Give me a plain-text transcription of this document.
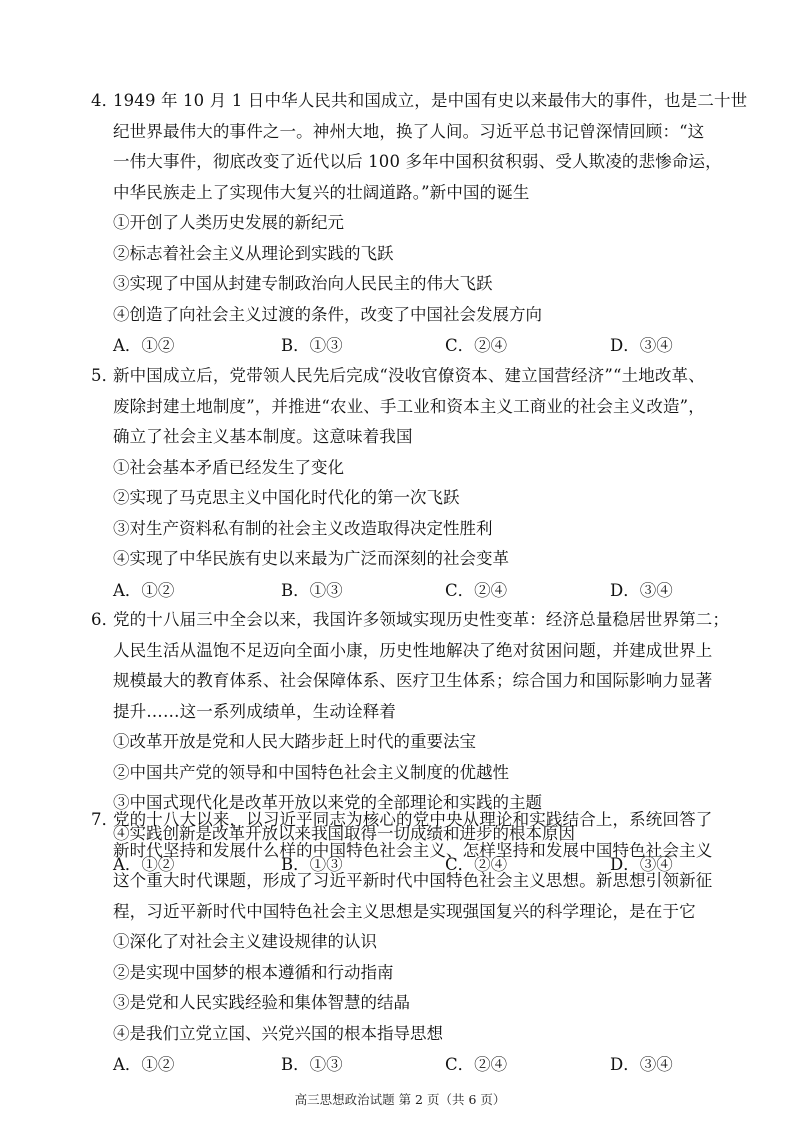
4．1949 年 10 月 1 日中华人民共和国成立，是中国有史以来最伟大的事件，也是二十世
纪世界最伟大的事件之一。神州大地，换了人间。习近平总书记曾深情回顾：“这
一伟大事件，彻底改变了近代以后 100 多年中国积贫积弱、受人欺凌的悲惨命运，
中华民族走上了实现伟大复兴的壮阔道路。”新中国的诞生
①开创了人类历史发展的新纪元
②标志着社会主义从理论到实践的飞跃
③实现了中国从封建专制政治向人民民主的伟大飞跃
④创造了向社会主义过渡的条件，改变了中国社会发展方向
A．①②	B．①③	C．②④	D．③④
5．新中国成立后，党带领人民先后完成“没收官僚资本、建立国营经济”“土地改革、
废除封建土地制度”，并推进“农业、手工业和资本主义工商业的社会主义改造”，
确立了社会主义基本制度。这意味着我国
①社会基本矛盾已经发生了变化
②实现了马克思主义中国化时代化的第一次飞跃
③对生产资料私有制的社会主义改造取得决定性胜利
④实现了中华民族有史以来最为广泛而深刻的社会变革
A．①②	B．①③	C．②④	D．③④
6．党的十八届三中全会以来，我国许多领域实现历史性变革：经济总量稳居世界第二；
人民生活从温饱不足迈向全面小康，历史性地解决了绝对贫困问题，并建成世界上
规模最大的教育体系、社会保障体系、医疗卫生体系；综合国力和国际影响力显著
提升……这一系列成绩单，生动诠释着
①改革开放是党和人民大踏步赶上时代的重要法宝
②中国共产党的领导和中国特色社会主义制度的优越性
③中国式现代化是改革开放以来党的全部理论和实践的主题
④实践创新是改革开放以来我国取得一切成绩和进步的根本原因
A．①②	B．①③	C．②④	D．③④
7．党的十八大以来，以习近平同志为核心的党中央从理论和实践结合上，系统回答了
新时代坚持和发展什么样的中国特色社会主义、怎样坚持和发展中国特色社会主义
这个重大时代课题，形成了习近平新时代中国特色社会主义思想。新思想引领新征
程，习近平新时代中国特色社会主义思想是实现强国复兴的科学理论，是在于它
①深化了对社会主义建设规律的认识
②是实现中国梦的根本遵循和行动指南
③是党和人民实践经验和集体智慧的结晶
④是我们立党立国、兴党兴国的根本指导思想
A．①②	B．①③	C．②④	D．③④
高三思想政治试题 第 2 页（共 6 页）
